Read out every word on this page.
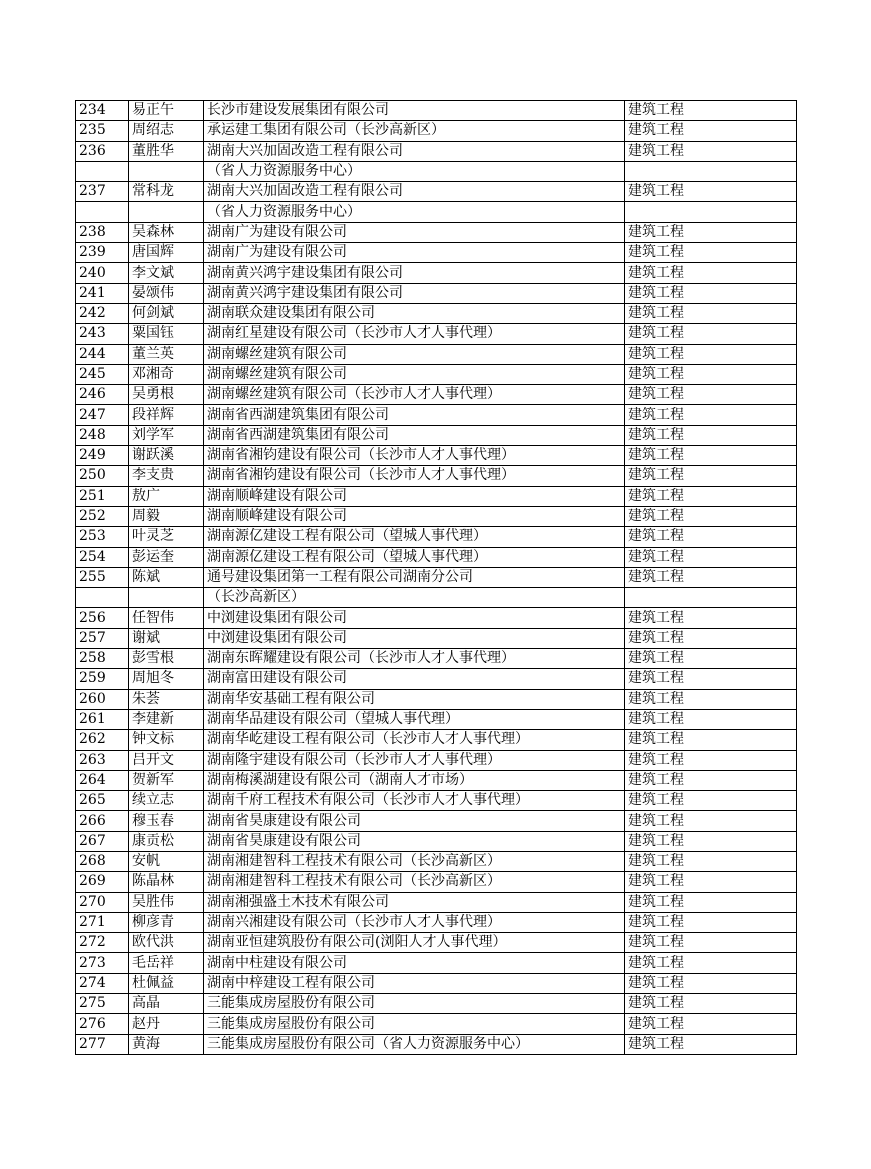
234	易正午	长沙市建设发展集团有限公司	建筑工程
235	周绍志	承运建工集团有限公司（长沙高新区）	建筑工程
236	董胜华	湖南大兴加固改造工程有限公司	建筑工程
		（省人力资源服务中心）	
237	常科龙	湖南大兴加固改造工程有限公司	建筑工程
		（省人力资源服务中心）	
238	吴森林	湖南广为建设有限公司	建筑工程
239	唐国辉	湖南广为建设有限公司	建筑工程
240	李文斌	湖南黄兴鸿宇建设集团有限公司	建筑工程
241	晏颂伟	湖南黄兴鸿宇建设集团有限公司	建筑工程
242	何剑斌	湖南联众建设集团有限公司	建筑工程
243	粟国钰	湖南红星建设有限公司（长沙市人才人事代理）	建筑工程
244	董兰英	湖南螺丝建筑有限公司	建筑工程
245	邓湘奇	湖南螺丝建筑有限公司	建筑工程
246	吴勇根	湖南螺丝建筑有限公司（长沙市人才人事代理）	建筑工程
247	段祥辉	湖南省西湖建筑集团有限公司	建筑工程
248	刘学军	湖南省西湖建筑集团有限公司	建筑工程
249	谢跃溪	湖南省湘钧建设有限公司（长沙市人才人事代理）	建筑工程
250	李支贵	湖南省湘钧建设有限公司（长沙市人才人事代理）	建筑工程
251	敖广	湖南顺峰建设有限公司	建筑工程
252	周毅	湖南顺峰建设有限公司	建筑工程
253	叶灵芝	湖南源亿建设工程有限公司（望城人事代理）	建筑工程
254	彭运奎	湖南源亿建设工程有限公司（望城人事代理）	建筑工程
255	陈斌	通号建设集团第一工程有限公司湖南分公司	建筑工程
		（长沙高新区）	
256	任智伟	中浏建设集团有限公司	建筑工程
257	谢斌	中浏建设集团有限公司	建筑工程
258	彭雪根	湖南东晖耀建设有限公司（长沙市人才人事代理）	建筑工程
259	周旭冬	湖南富田建设有限公司	建筑工程
260	朱荟	湖南华安基础工程有限公司	建筑工程
261	李建新	湖南华品建设有限公司（望城人事代理）	建筑工程
262	钟文标	湖南华屹建设工程有限公司（长沙市人才人事代理）	建筑工程
263	吕开文	湖南隆宇建设有限公司（长沙市人才人事代理）	建筑工程
264	贺新军	湖南梅溪湖建设有限公司（湖南人才市场）	建筑工程
265	续立志	湖南千府工程技术有限公司（长沙市人才人事代理）	建筑工程
266	穆玉春	湖南省昊康建设有限公司	建筑工程
267	康贡松	湖南省昊康建设有限公司	建筑工程
268	安帆	湖南湘建智科工程技术有限公司（长沙高新区）	建筑工程
269	陈晶林	湖南湘建智科工程技术有限公司（长沙高新区）	建筑工程
270	吴胜伟	湖南湘强盛土木技术有限公司	建筑工程
271	柳彦青	湖南兴湘建设有限公司（长沙市人才人事代理）	建筑工程
272	欧代洪	湖南亚恒建筑股份有限公司(浏阳人才人事代理）	建筑工程
273	毛岳祥	湖南中柱建设有限公司	建筑工程
274	杜佩益	湖南中梓建设工程有限公司	建筑工程
275	高晶	三能集成房屋股份有限公司	建筑工程
276	赵丹	三能集成房屋股份有限公司	建筑工程
277	黄海	三能集成房屋股份有限公司（省人力资源服务中心）	建筑工程
